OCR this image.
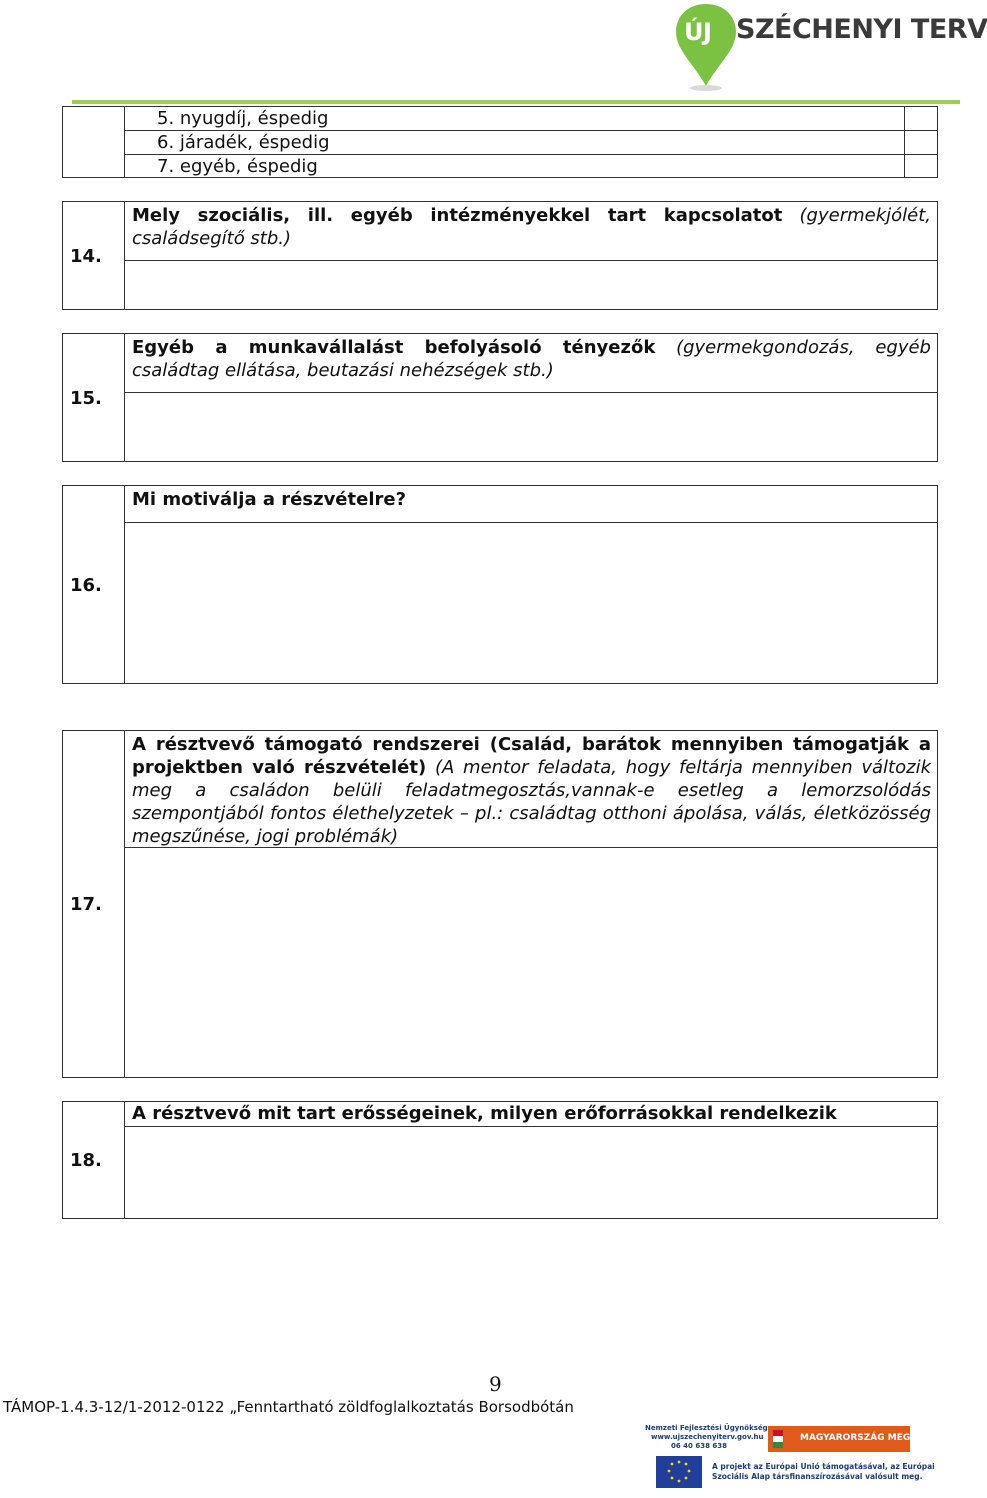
ÚJ SZÉCHENYI TERV
5. nyugdíj, éspedig
6. járadék, éspedig
7. egyéb, éspedig
14.
Mely szociális, ill. egyéb intézményekkel tart kapcsolatot (gyermekjólét, családsegítő stb.)
15.
Egyéb a munkavállalást befolyásoló tényezők (gyermekgondozás, egyéb családtag ellátása, beutazási nehézségek stb.)
16.
Mi motiválja a részvételre?
17.
A résztvevő támogató rendszerei (Család, barátok mennyiben támogatják a projektben való részvételét) (A mentor feladata, hogy feltárja mennyiben változik meg a családon belüli feladatmegosztás,vannak-e esetleg a lemorzsolódás szempontjából fontos élethelyzetek – pl.: családtag otthoni ápolása, válás, életközösség megszűnése, jogi problémák)
18.
A résztvevő mit tart erősségeinek, milyen erőforrásokkal rendelkezik
9
TÁMOP-1.4.3-12/1-2012-0122 „Fenntartható zöldfoglalkoztatás Borsodbótán
Nemzeti Fejlesztési Ügynökség
www.ujszechenyiterv.gov.hu
06 40 638 638
MAGYARORSZÁG MEGÚJUL
A projekt az Európai Unió támogatásával, az Európai
Szociális Alap társfinanszírozásával valósult meg.
